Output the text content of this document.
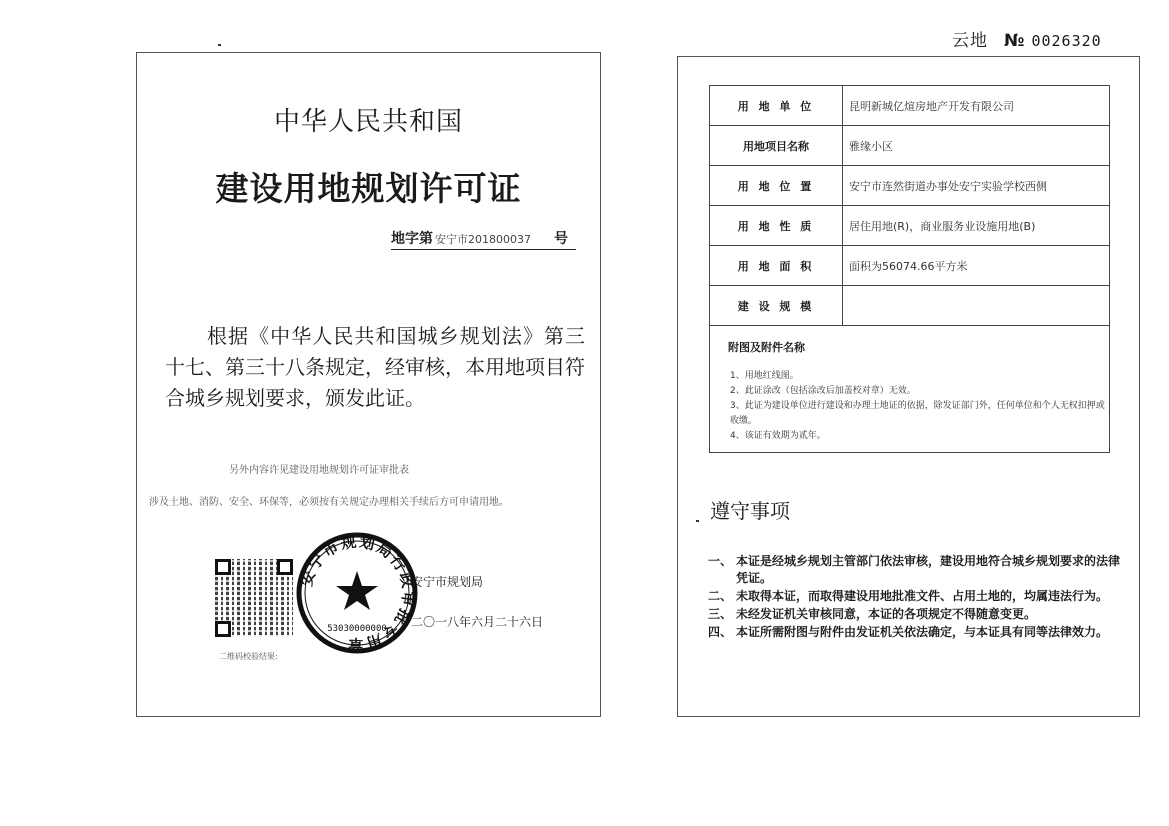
云地 № 0026320
中华人民共和国
建设用地规划许可证
地字第 安宁市201800037 号
根据《中华人民共和国城乡规划法》第三十七、第三十八条规定，经审核，本用地项目符合城乡规划要求，颁发此证。
另外内容许见建设用地规划许可证审批表
涉及土地、消防、安全、环保等，必须按有关规定办理相关手续后方可申请用地。
二维码校验结果:
安宁市规划局行政审批专用章
53030000000
安宁市规划局
二〇一八年六月二十六日
用 地 单 位	昆明新城亿煊房地产开发有限公司
用地项目名称	雅缘小区
用 地 位 置	安宁市连然街道办事处安宁实验学校西侧
用 地 性 质	居住用地(R)，商业服务业设施用地(B)
用 地 面 积	面积为56074.66平方米
建 设 规 模	
附图及附件名称
1、用地红线图。
2、此证涂改（包括涂改后加盖校对章）无效。
3、此证为建设单位进行建设和办理土地证的依据，除发证部门外，任何单位和个人无权扣押或收缴。
4、该证有效期为贰年。
遵守事项
一、 本证是经城乡规划主管部门依法审核，建设用地符合城乡规划要求的法律凭证。
二、 未取得本证，而取得建设用地批准文件、占用土地的，均属违法行为。
三、 未经发证机关审核同意，本证的各项规定不得随意变更。
四、 本证所需附图与附件由发证机关依法确定，与本证具有同等法律效力。
